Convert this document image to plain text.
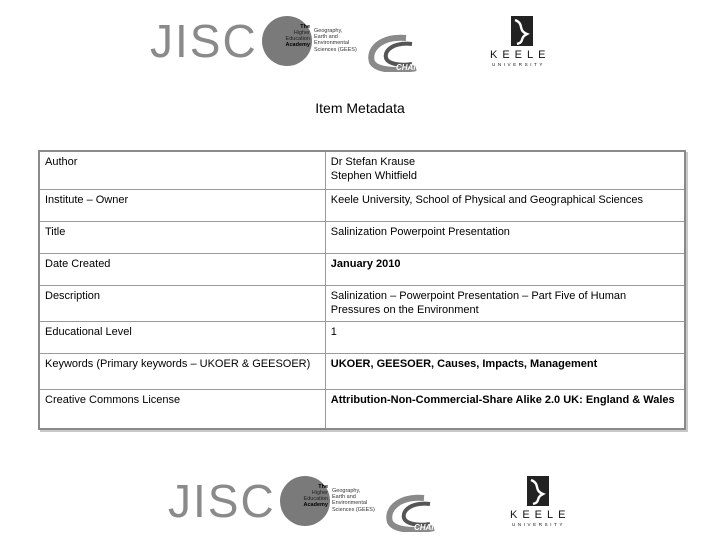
JISC	The
Higher
Education
Academy
Geography,
Earth and
Environmental
Sciences (GEES)
CHANGE
KEELE
UNIVERSITY
Item Metadata
Author	Dr Stefan Krause
Stephen Whitfield

Institute – Owner	Keele University, School of Physical and Geographical Sciences

Title	Salinization Powerpoint Presentation

Date Created	January 2010

Description	Salinization – Powerpoint Presentation – Part Five of Human Pressures on the Environment

Educational Level	1

Keywords (Primary keywords – UKOER & GEESOER)	UKOER, GEESOER, Causes, Impacts, Management

Creative Commons License	Attribution-Non-Commercial-Share Alike 2.0 UK: England & Wales
JISC	The
Higher
Education
Academy
Geography,
Earth and
Environmental
Sciences (GEES)
CHANGE
KEELE
UNIVERSITY
